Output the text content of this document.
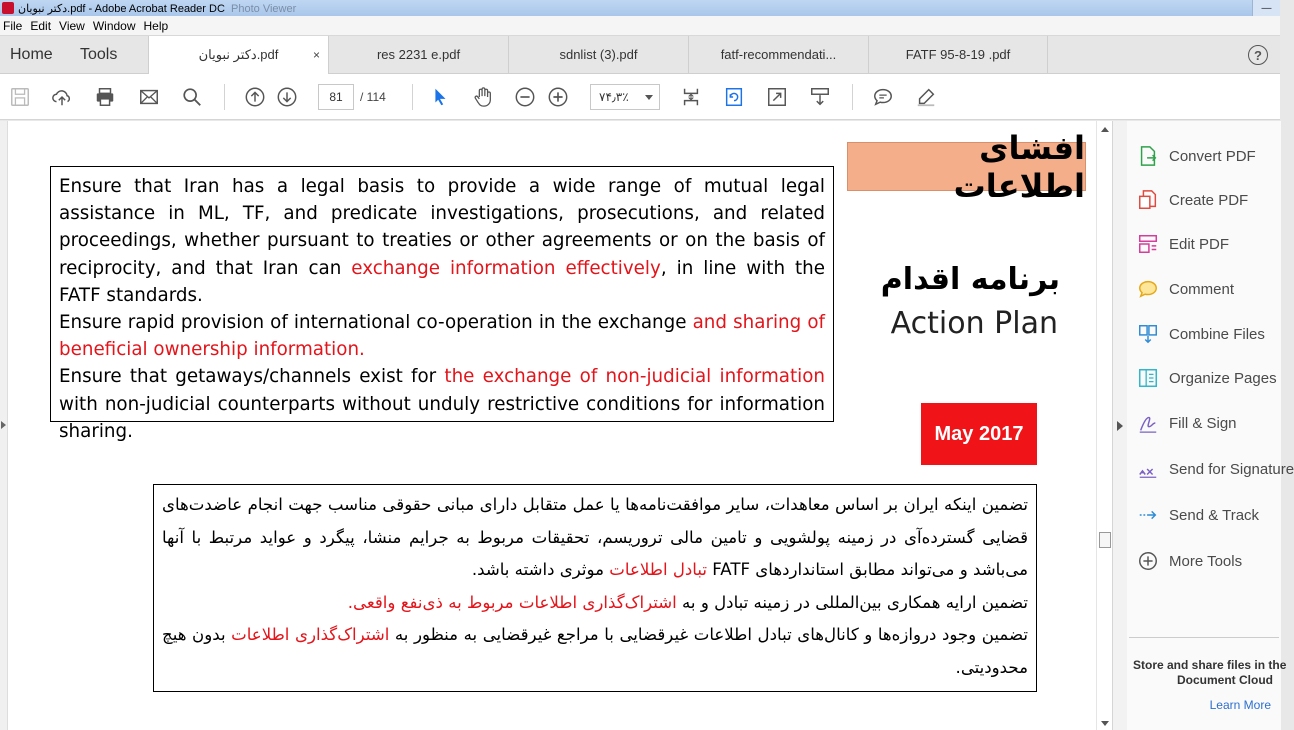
دکتر نبویان.pdf - Adobe Acrobat Reader DC Photo Viewer	—
File Edit View Window Help
Home	Tools	دکتر نبویان.pdf	×	res 2231 e.pdf	sdnlist (3).pdf	fatf-recommendati...	FATF 95-8-19 .pdf	?
81	/ 114	۷۴٫۳٪
افشای اطلاعات
برنامه اقدام
Action Plan
May 2017

Ensure that Iran has a legal basis to provide a wide range of mutual legal assistance in ML, TF, and predicate investigations, prosecutions, and related proceedings, whether pursuant to treaties or other agreements or on the basis of reciprocity, and that Iran can exchange information effectively, in line with the FATF standards.

Ensure rapid provision of international co-operation in the exchange and sharing of beneficial ownership information.

Ensure that getaways/channels exist for the exchange of non-judicial information with non-judicial counterparts without unduly restrictive conditions for information sharing.

تضمین اینکه ایران بر اساس معاهدات، سایر موافقت‌نامه‌ها یا عمل متقابل دارای مبانی حقوقی مناسب جهت انجام عاضدت‌های قضایی گسترده‌آی در زمینه پولشویی و تامین مالی تروریسم، تحقیقات مربوط به جرایم منشا، پیگرد و عواید مرتبط با آنها می‌باشد و می‌تواند مطابق استانداردهای FATF تبادل اطلاعات موثری داشته باشد.

تضمین ارایه همکاری بین‌المللی در زمینه تبادل و به اشتراک‌گذاری اطلاعات مربوط به ذی‌نفع واقعی.

تضمین وجود دروازه‌ها و کانال‌های تبادل اطلاعات غیرقضایی با مراجع غیرقضایی به منظور به اشتراک‌گذاری اطلاعات بدون هیچ محدودیتی.

Convert PDF
Create PDF
Edit PDF
Comment
Combine Files
Organize Pages
Fill & Sign
Send for Signature
Send & Track
More Tools
Store and share files in the
Document Cloud
Learn More
